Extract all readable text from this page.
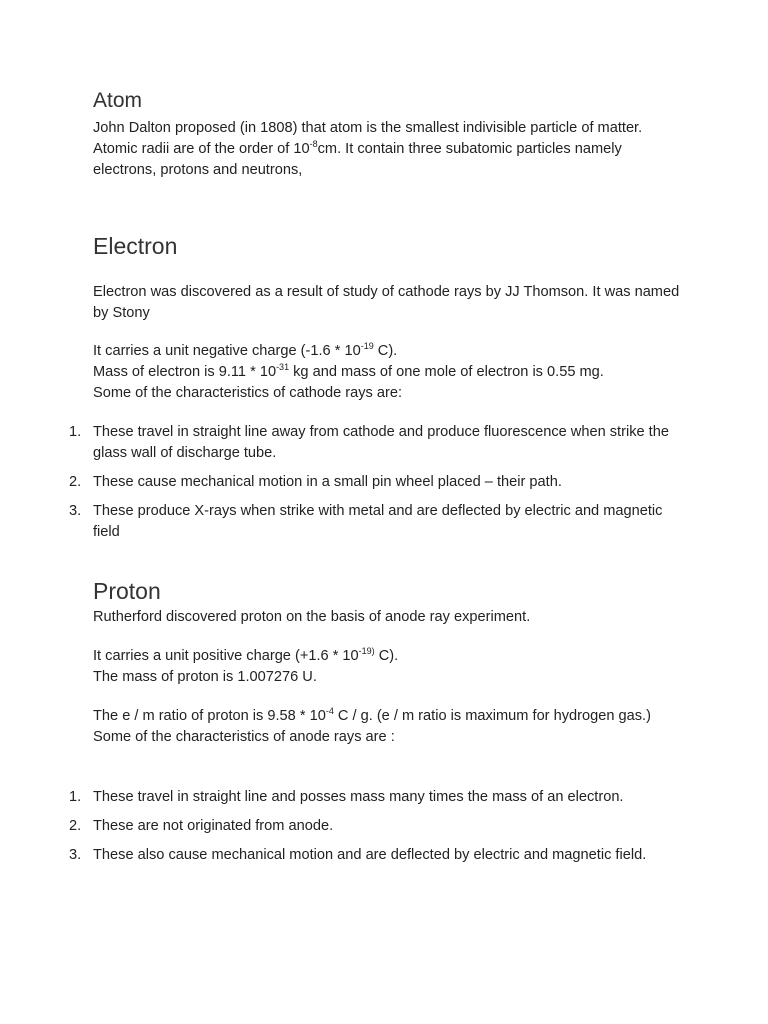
Atom

John Dalton proposed (in 1808) that atom is the smallest indivisible particle of matter. Atomic radii are of the order of $10^{-8}cm$. It contain three subatomic particles namely electrons, protons and neutrons,

Electron

Electron was discovered as a result of study of cathode rays by JJ Thomson. It was named by Stony

It carries a unit negative charge ($-1.6 * 10^{-19}$ C).
Mass of electron is $9.11 * 10^{-31}$ kg and mass of one mole of electron is 0.55 mg.
Some of the characteristics of cathode rays are:

1. These travel in straight line away from cathode and produce fluorescence when strike the glass wall of discharge tube.
2. These cause mechanical motion in a small pin wheel placed – their path.
3. These produce X-rays when strike with metal and are deflected by electric and magnetic field
Proton

Rutherford discovered proton on the basis of anode ray experiment.

It carries a unit positive charge ($+1.6 * 10^{-19)}$ C).
The mass of proton is 1.007276 U.

The e / m ratio of proton is $9.58 * 10^{-4}$ C / g. (e / m ratio is maximum for hydrogen gas.)
Some of the characteristics of anode rays are :

1. These travel in straight line and posses mass many times the mass of an electron.
2. These are not originated from anode.
3. These also cause mechanical motion and are deflected by electric and magnetic field.
